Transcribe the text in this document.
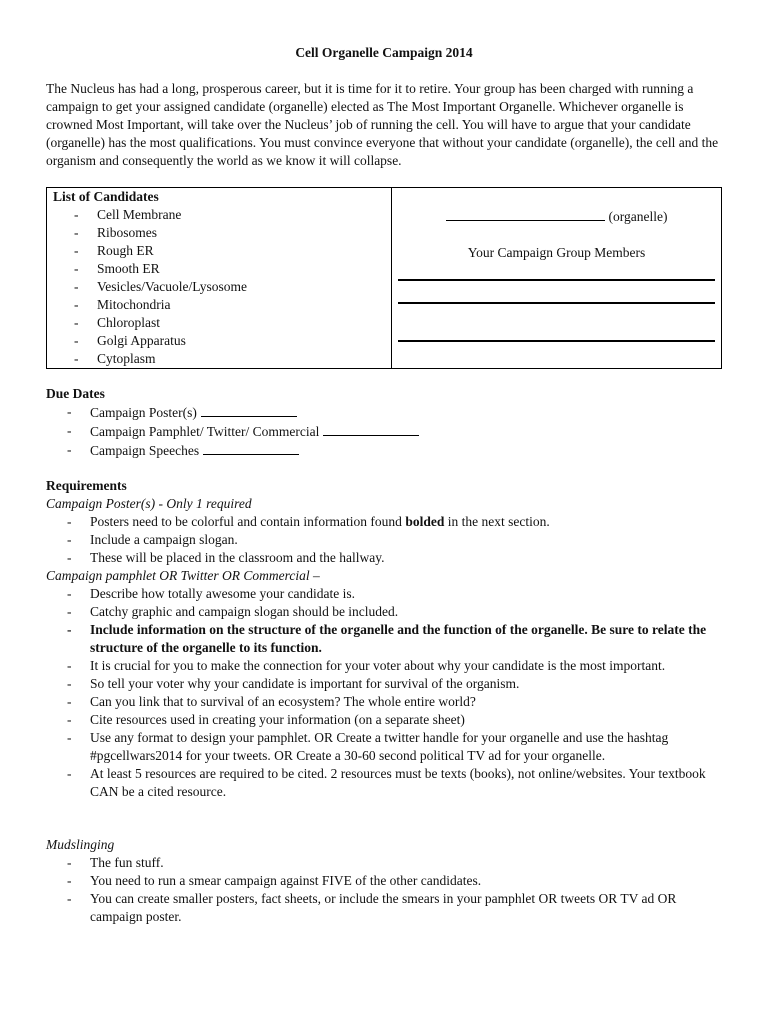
Cell Organelle Campaign 2014

The Nucleus has had a long, prosperous career, but it is time for it to retire. Your group has been charged with running a campaign to get your assigned candidate (organelle) elected as The Most Important Organelle. Whichever organelle is crowned Most Important, will take over the Nucleus’ job of running the cell. You will have to argue that your candidate (organelle) has the most qualifications. You must convince everyone that without your candidate (organelle), the cell and the organism and consequently the world as we know it will collapse.

List of Candidates
- Cell Membrane
- Ribosomes
- Rough ER
- Smooth ER
- Vesicles/Vacuole/Lysosome
- Mitochondria
- Chloroplast
- Golgi Apparatus
- Cytoplasm

(organelle)
Your Campaign Group Members
Due Dates
- Campaign Poster(s)
- Campaign Pamphlet/ Twitter/ Commercial
- Campaign Speeches
Requirements
Campaign Poster(s) - Only 1 required
- Posters need to be colorful and contain information found bolded in the next section.
- Include a campaign slogan.
- These will be placed in the classroom and the hallway.
Campaign pamphlet OR Twitter OR Commercial –
- Describe how totally awesome your candidate is.
- Catchy graphic and campaign slogan should be included.
- Include information on the structure of the organelle and the function of the organelle. Be sure to relate the structure of the organelle to its function.
- It is crucial for you to make the connection for your voter about why your candidate is the most important.
- So tell your voter why your candidate is important for survival of the organism.
- Can you link that to survival of an ecosystem? The whole entire world?
- Cite resources used in creating your information (on a separate sheet)
- Use any format to design your pamphlet. OR Create a twitter handle for your organelle and use the hashtag #pgcellwars2014 for your tweets. OR Create a 30-60 second political TV ad for your organelle.
- At least 5 resources are required to be cited. 2 resources must be texts (books), not online/websites. Your textbook CAN be a cited resource.
Mudslinging
- The fun stuff.
- You need to run a smear campaign against FIVE of the other candidates.
- You can create smaller posters, fact sheets, or include the smears in your pamphlet OR tweets OR TV ad OR campaign poster.
